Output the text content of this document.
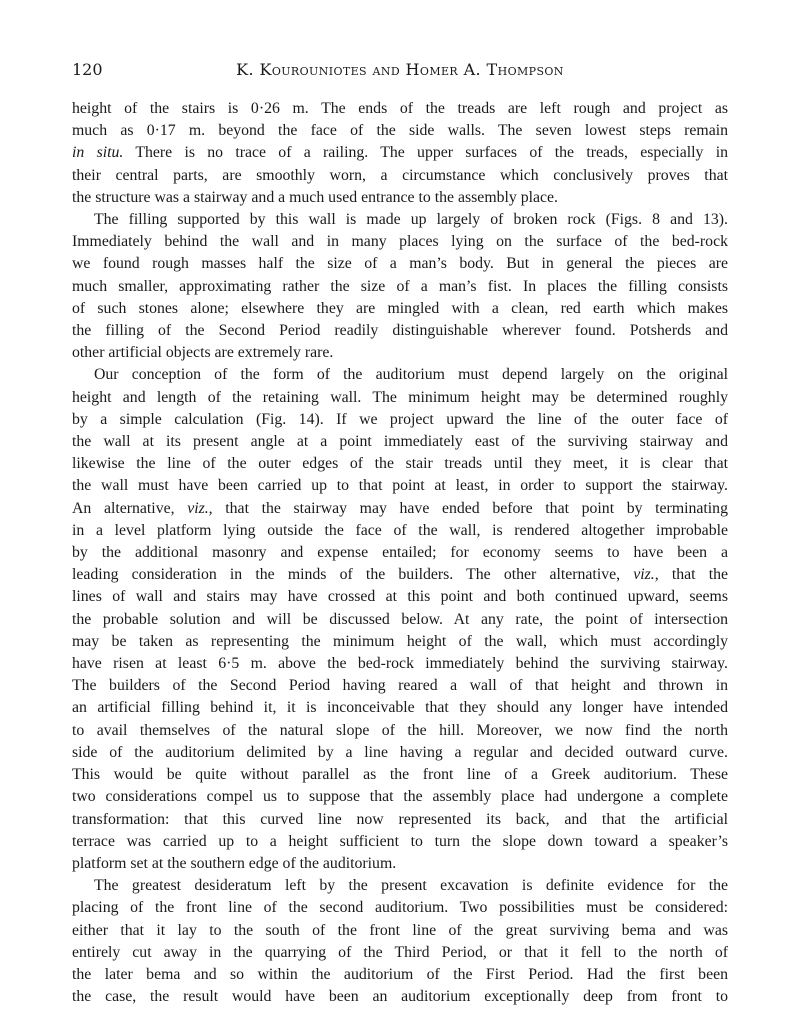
120	K. Kourouniotes and Homer A. Thompson
height of the stairs is 0·26 m. The ends of the treads are left rough and project as
much as 0·17 m. beyond the face of the side walls. The seven lowest steps remain
in situ. There is no trace of a railing. The upper surfaces of the treads, especially in
their central parts, are smoothly worn, a circumstance which conclusively proves that
the structure was a stairway and a much used entrance to the assembly place.
The filling supported by this wall is made up largely of broken rock (Figs. 8 and 13).
Immediately behind the wall and in many places lying on the surface of the bed-rock
we found rough masses half the size of a man’s body. But in general the pieces are
much smaller, approximating rather the size of a man’s fist. In places the filling consists
of such stones alone; elsewhere they are mingled with a clean, red earth which makes
the filling of the Second Period readily distinguishable wherever found. Potsherds and
other artificial objects are extremely rare.
Our conception of the form of the auditorium must depend largely on the original
height and length of the retaining wall. The minimum height may be determined roughly
by a simple calculation (Fig. 14). If we project upward the line of the outer face of
the wall at its present angle at a point immediately east of the surviving stairway and
likewise the line of the outer edges of the stair treads until they meet, it is clear that
the wall must have been carried up to that point at least, in order to support the stairway.
An alternative, viz., that the stairway may have ended before that point by terminating
in a level platform lying outside the face of the wall, is rendered altogether improbable
by the additional masonry and expense entailed; for economy seems to have been a
leading consideration in the minds of the builders. The other alternative, viz., that the
lines of wall and stairs may have crossed at this point and both continued upward, seems
the probable solution and will be discussed below. At any rate, the point of intersection
may be taken as representing the minimum height of the wall, which must accordingly
have risen at least 6·5 m. above the bed-rock immediately behind the surviving stairway.
The builders of the Second Period having reared a wall of that height and thrown in
an artificial filling behind it, it is inconceivable that they should any longer have intended
to avail themselves of the natural slope of the hill. Moreover, we now find the north
side of the auditorium delimited by a line having a regular and decided outward curve.
This would be quite without parallel as the front line of a Greek auditorium. These
two considerations compel us to suppose that the assembly place had undergone a complete
transformation: that this curved line now represented its back, and that the artificial
terrace was carried up to a height sufficient to turn the slope down toward a speaker’s
platform set at the southern edge of the auditorium.
The greatest desideratum left by the present excavation is definite evidence for the
placing of the front line of the second auditorium. Two possibilities must be considered:
either that it lay to the south of the front line of the great surviving bema and was
entirely cut away in the quarrying of the Third Period, or that it fell to the north of
the later bema and so within the auditorium of the First Period. Had the first been
the case, the result would have been an auditorium exceptionally deep from front to
